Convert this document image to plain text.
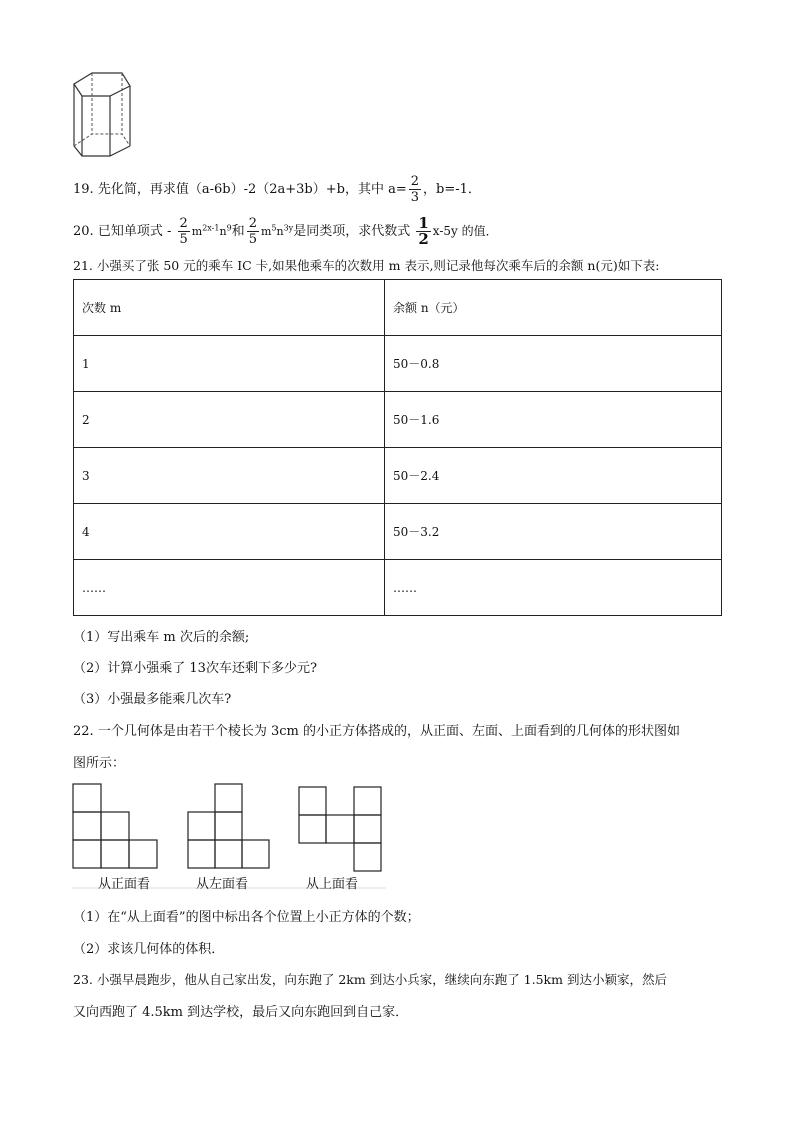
19. 先化简，再求值（a-6b）-2（2a+3b）+b，其中 $a= \frac{2}{3}$ ，b=-1．
20. 已知单项式 - $\frac{2}{5} m^{2x-1}n^9$和 $\frac{2}{5} m^5n^{3y}$是同类项，求代数式 $\frac{1}{2} x-5y$ 的值．
21. 小强买了张 50 元的乘车 IC 卡,如果他乘车的次数用 m 表示,则记录他每次乘车后的余额 n(元)如下表:
次数 m	余额 n（元）
1	50－0.8
2	50－1.6
3	50－2.4
4	50－3.2
……	……
（1）写出乘车 m 次后的余额;
（2）计算小强乘了 13次车还剩下多少元?
（3）小强最多能乘几次车?
22. 一个几何体是由若干个棱长为 3cm 的小正方体搭成的，从正面、左面、上面看到的几何体的形状图如
图所示：
从正面看	从左面看	从上面看
（1）在“从上面看”的图中标出各个位置上小正方体的个数；
（2）求该几何体的体积．
23. 小强早晨跑步，他从自己家出发，向东跑了 2km 到达小兵家，继续向东跑了 1.5km 到达小颖家，然后
又向西跑了 4.5km 到达学校，最后又向东跑回到自己家．
